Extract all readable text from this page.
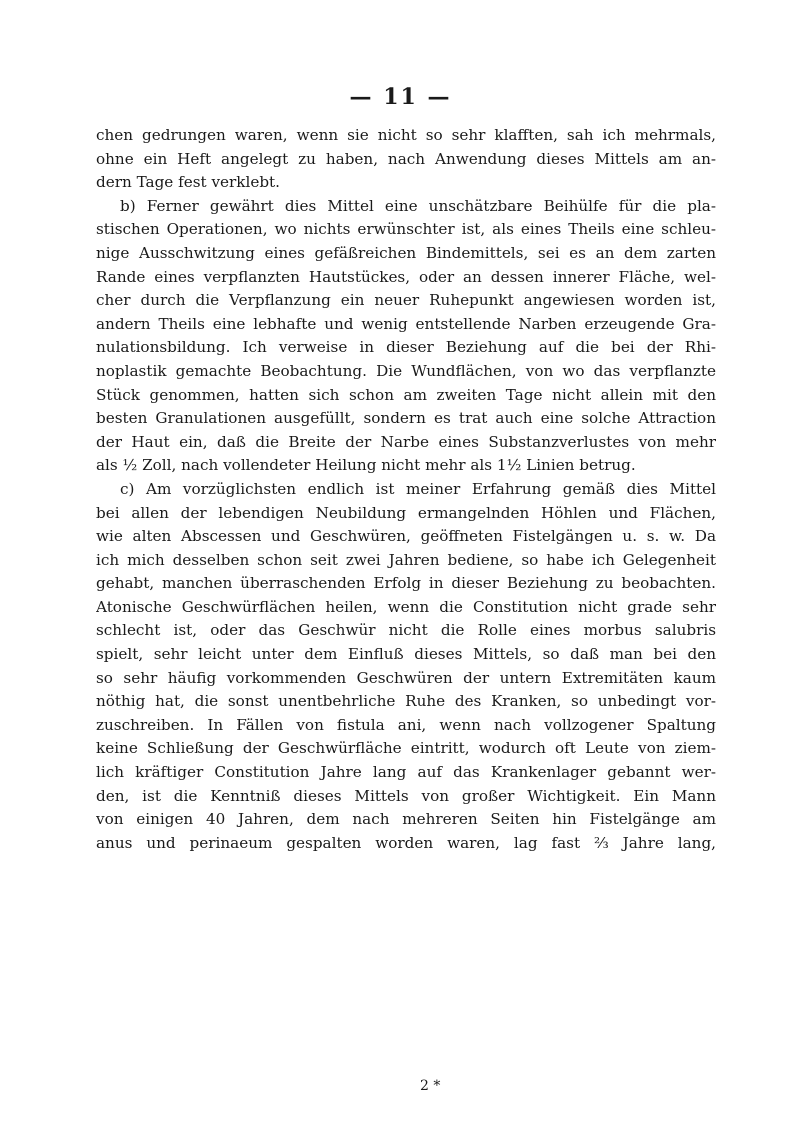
— 11 —
chen gedrungen waren, wenn sie nicht so sehr klafften, sah ich mehrmals,
ohne ein Heft angelegt zu haben, nach Anwendung dieses Mittels am an-
dern Tage fest verklebt.
b) Ferner gewährt dies Mittel eine unschätzbare Beihülfe für die pla-
stischen Operationen, wo nichts erwünschter ist, als eines Theils eine schleu-
nige Ausschwitzung eines gefäßreichen Bindemittels, sei es an dem zarten
Rande eines verpflanzten Hautstückes, oder an dessen innerer Fläche, wel-
cher durch die Verpflanzung ein neuer Ruhepunkt angewiesen worden ist,
andern Theils eine lebhafte und wenig entstellende Narben erzeugende Gra-
nulationsbildung. Ich verweise in dieser Beziehung auf die bei der Rhi-
noplastik gemachte Beobachtung. Die Wundflächen, von wo das verpflanzte
Stück genommen, hatten sich schon am zweiten Tage nicht allein mit den
besten Granulationen ausgefüllt, sondern es trat auch eine solche Attraction
der Haut ein, daß die Breite der Narbe eines Substanzverlustes von mehr
als ½ Zoll, nach vollendeter Heilung nicht mehr als 1½ Linien betrug.
c) Am vorzüglichsten endlich ist meiner Erfahrung gemäß dies Mittel
bei allen der lebendigen Neubildung ermangelnden Höhlen und Flächen,
wie alten Abscessen und Geschwüren, geöffneten Fistelgängen u. s. w. Da
ich mich desselben schon seit zwei Jahren bediene, so habe ich Gelegenheit
gehabt, manchen überraschenden Erfolg in dieser Beziehung zu beobachten.
Atonische Geschwürflächen heilen, wenn die Constitution nicht grade sehr
schlecht ist, oder das Geschwür nicht die Rolle eines morbus salubris
spielt, sehr leicht unter dem Einfluß dieses Mittels, so daß man bei den
so sehr häufig vorkommenden Geschwüren der untern Extremitäten kaum
nöthig hat, die sonst unentbehrliche Ruhe des Kranken, so unbedingt vor-
zuschreiben. In Fällen von fistula ani, wenn nach vollzogener Spaltung
keine Schließung der Geschwürfläche eintritt, wodurch oft Leute von ziem-
lich kräftiger Constitution Jahre lang auf das Krankenlager gebannt wer-
den, ist die Kenntniß dieses Mittels von großer Wichtigkeit. Ein Mann
von einigen 40 Jahren, dem nach mehreren Seiten hin Fistelgänge am
anus und perinaeum gespalten worden waren, lag fast ⅔ Jahre lang,
2 *
